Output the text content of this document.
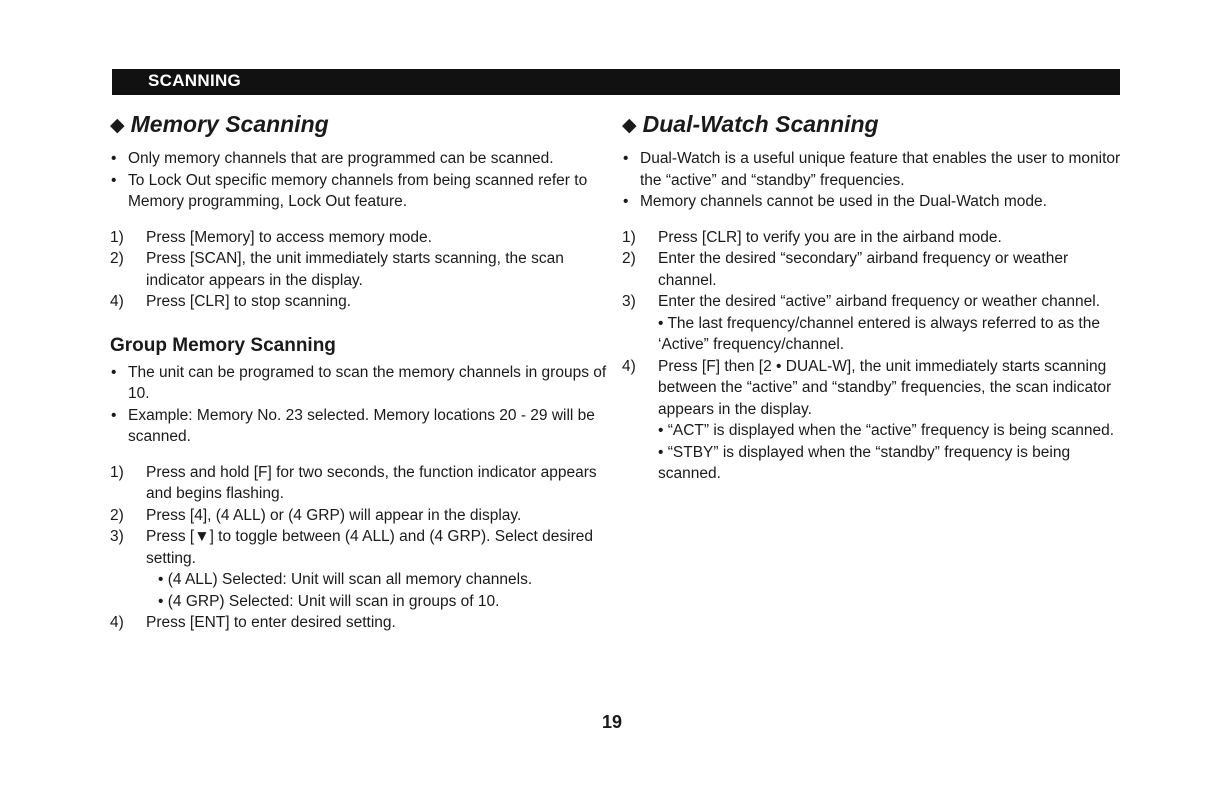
SCANNING
◆ Memory Scanning
• Only memory channels that are programmed can be scanned.
• To Lock Out specific memory channels from being scanned refer to Memory programming, Lock Out feature.
1) Press [Memory] to access memory mode.
2) Press [SCAN], the unit immediately starts scanning, the scan indicator appears in the display.
4) Press [CLR] to stop scanning.
Group Memory Scanning
• The unit can be programed to scan the memory channels in groups of 10.
• Example: Memory No. 23 selected. Memory locations 20 - 29 will be scanned.
1) Press and hold [F] for two seconds, the function indicator appears and begins flashing.
2) Press [4], (4 ALL) or (4 GRP) will appear in the display.
3) Press [▼] to toggle between (4 ALL) and (4 GRP). Select desired setting.
• (4 ALL) Selected: Unit will scan all memory channels.
• (4 GRP) Selected: Unit will scan in groups of 10.
4) Press [ENT] to enter desired setting.
◆ Dual-Watch Scanning
• Dual-Watch is a useful unique feature that enables the user to monitor the “active” and “standby” frequencies.
• Memory channels cannot be used in the Dual-Watch mode.
1) Press [CLR] to verify you are in the airband mode.
2) Enter the desired “secondary” airband frequency or weather channel.
3) Enter the desired “active” airband frequency or weather channel.
• The last frequency/channel entered is always referred to as the ‘Active” frequency/channel.
4) Press [F] then [2 • DUAL-W], the unit immediately starts scanning between the “active” and “standby” frequencies, the scan indicator appears in the display.
• “ACT” is displayed when the “active” frequency is being scanned.
• “STBY” is displayed when the “standby” frequency is being scanned.
19
